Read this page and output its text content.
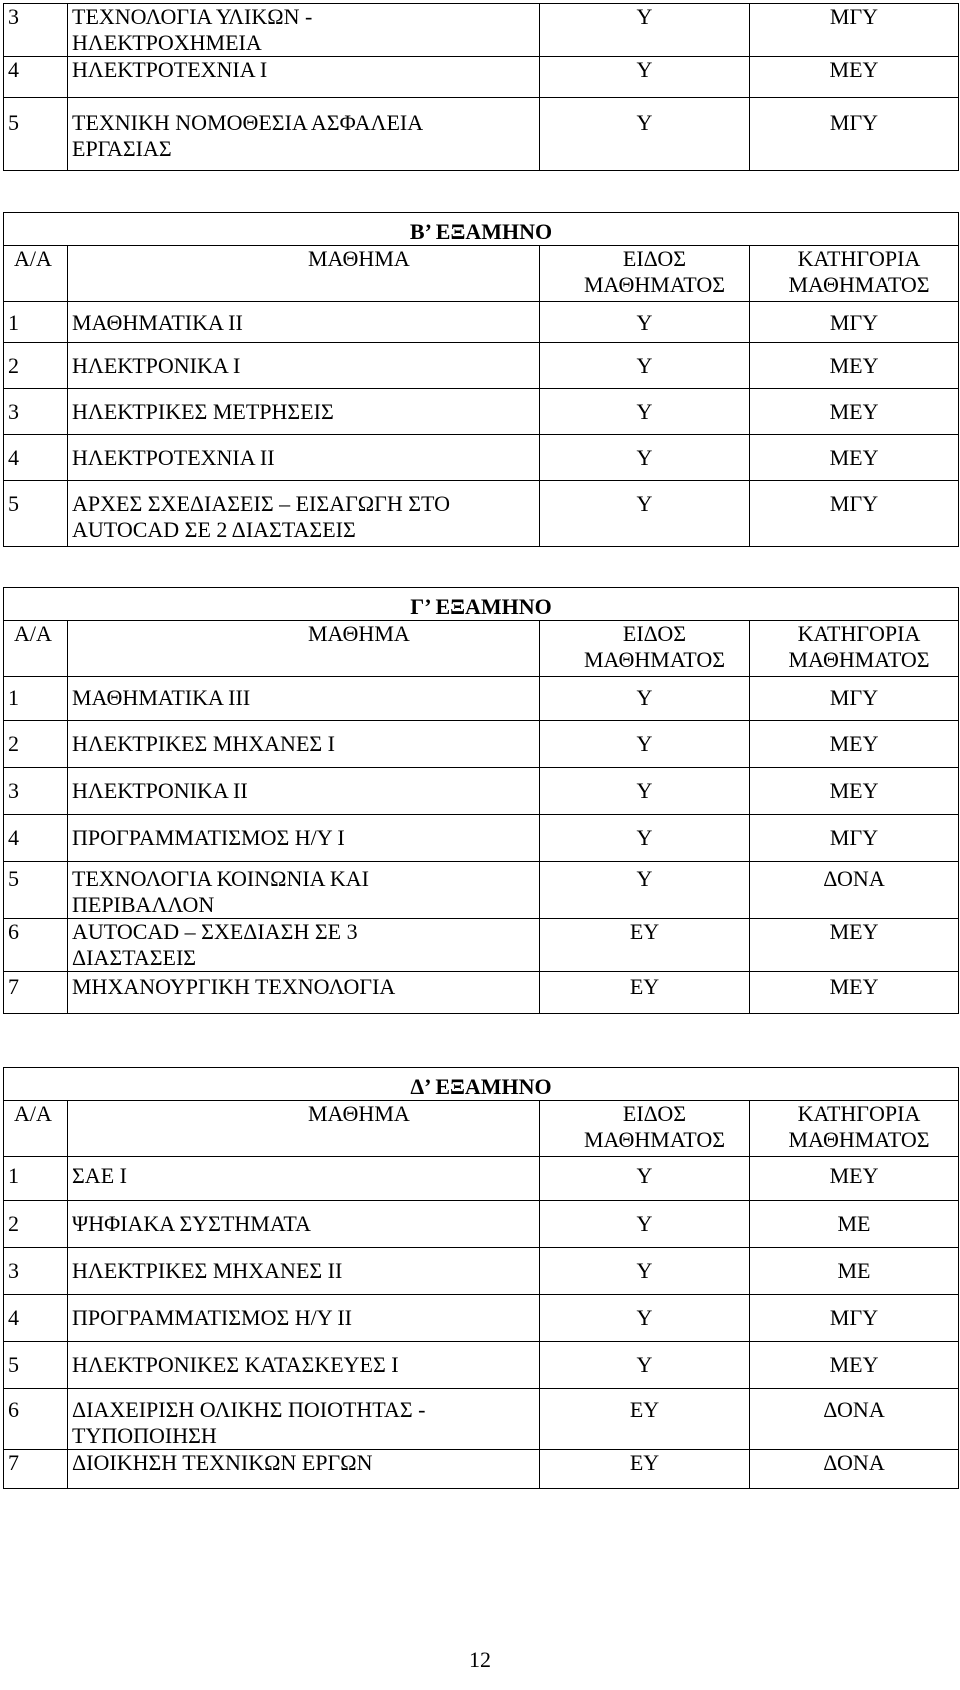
3	ΤΕΧΝΟΛΟΓΙΑ ΥΛΙΚΩΝ - ΗΛΕΚΤΡΟΧΗΜΕΙΑ	Υ	ΜΓΥ
4	ΗΛΕΚΤΡΟΤΕΧΝΙΑ Ι	Υ	ΜΕΥ
5	ΤΕΧΝΙΚΗ ΝΟΜΟΘΕΣΙΑ ΑΣΦΑΛΕΙΑ ΕΡΓΑΣΙΑΣ	Υ	ΜΓΥ
Β’ ΕΞΑΜΗΝΟ			
Α/Α	ΜΑΘΗΜΑ	ΕΙΔΟΣ ΜΑΘΗΜΑΤΟΣ	ΚΑΤΗΓΟΡΙΑ ΜΑΘΗΜΑΤΟΣ
1	ΜΑΘΗΜΑΤΙΚΑ ΙΙ	Υ	ΜΓΥ
2	ΗΛΕΚΤΡΟΝΙΚΑ Ι	Υ	ΜΕΥ
3	ΗΛΕΚΤΡΙΚΕΣ ΜΕΤΡΗΣΕΙΣ	Υ	ΜΕΥ
4	ΗΛΕΚΤΡΟΤΕΧΝΙΑ ΙΙ	Υ	ΜΕΥ
5	ΑΡΧΕΣ ΣΧΕΔΙΑΣΕΙΣ – ΕΙΣΑΓΩΓΗ ΣΤΟ AUTOCAD ΣΕ 2 ΔΙΑΣΤΑΣΕΙΣ	Υ	ΜΓΥ
Γ’ ΕΞΑΜΗΝΟ			
Α/Α	ΜΑΘΗΜΑ	ΕΙΔΟΣ ΜΑΘΗΜΑΤΟΣ	ΚΑΤΗΓΟΡΙΑ ΜΑΘΗΜΑΤΟΣ
1	ΜΑΘΗΜΑΤΙΚΑ ΙΙΙ	Υ	ΜΓΥ
2	ΗΛΕΚΤΡΙΚΕΣ ΜΗΧΑΝΕΣ Ι	Υ	ΜΕΥ
3	ΗΛΕΚΤΡΟΝΙΚΑ ΙΙ	Υ	ΜΕΥ
4	ΠΡΟΓΡΑΜΜΑΤΙΣΜΟΣ Η/Υ Ι	Υ	ΜΓΥ
5	ΤΕΧΝΟΛΟΓΙΑ ΚΟΙΝΩΝΙΑ ΚΑΙ ΠΕΡΙΒΑΛΛΟΝ	Υ	ΔΟΝΑ
6	AUTOCAD – ΣΧΕΔΙΑΣΗ ΣΕ 3 ΔΙΑΣΤΑΣΕΙΣ	ΕΥ	ΜΕΥ
7	ΜΗΧΑΝΟΥΡΓΙΚΗ ΤΕΧΝΟΛΟΓΙΑ	ΕΥ	ΜΕΥ
Δ’ ΕΞΑΜΗΝΟ			
Α/Α	ΜΑΘΗΜΑ	ΕΙΔΟΣ ΜΑΘΗΜΑΤΟΣ	ΚΑΤΗΓΟΡΙΑ ΜΑΘΗΜΑΤΟΣ
1	ΣΑΕ Ι	Υ	ΜΕΥ
2	ΨΗΦΙΑΚΑ ΣΥΣΤΗΜΑΤΑ	Υ	ΜΕ
3	ΗΛΕΚΤΡΙΚΕΣ ΜΗΧΑΝΕΣ ΙΙ	Υ	ΜΕ
4	ΠΡΟΓΡΑΜΜΑΤΙΣΜΟΣ Η/Υ ΙΙ	Υ	ΜΓΥ
5	ΗΛΕΚΤΡΟΝΙΚΕΣ ΚΑΤΑΣΚΕΥΕΣ Ι	Υ	ΜΕΥ
6	ΔΙΑΧΕΙΡΙΣΗ ΟΛΙΚΗΣ ΠΟΙΟΤΗΤΑΣ - ΤΥΠΟΠΟΙΗΣΗ	ΕΥ	ΔΟΝΑ
7	ΔΙΟΙΚΗΣΗ ΤΕΧΝΙΚΩΝ ΕΡΓΩΝ	ΕΥ	ΔΟΝΑ
12
